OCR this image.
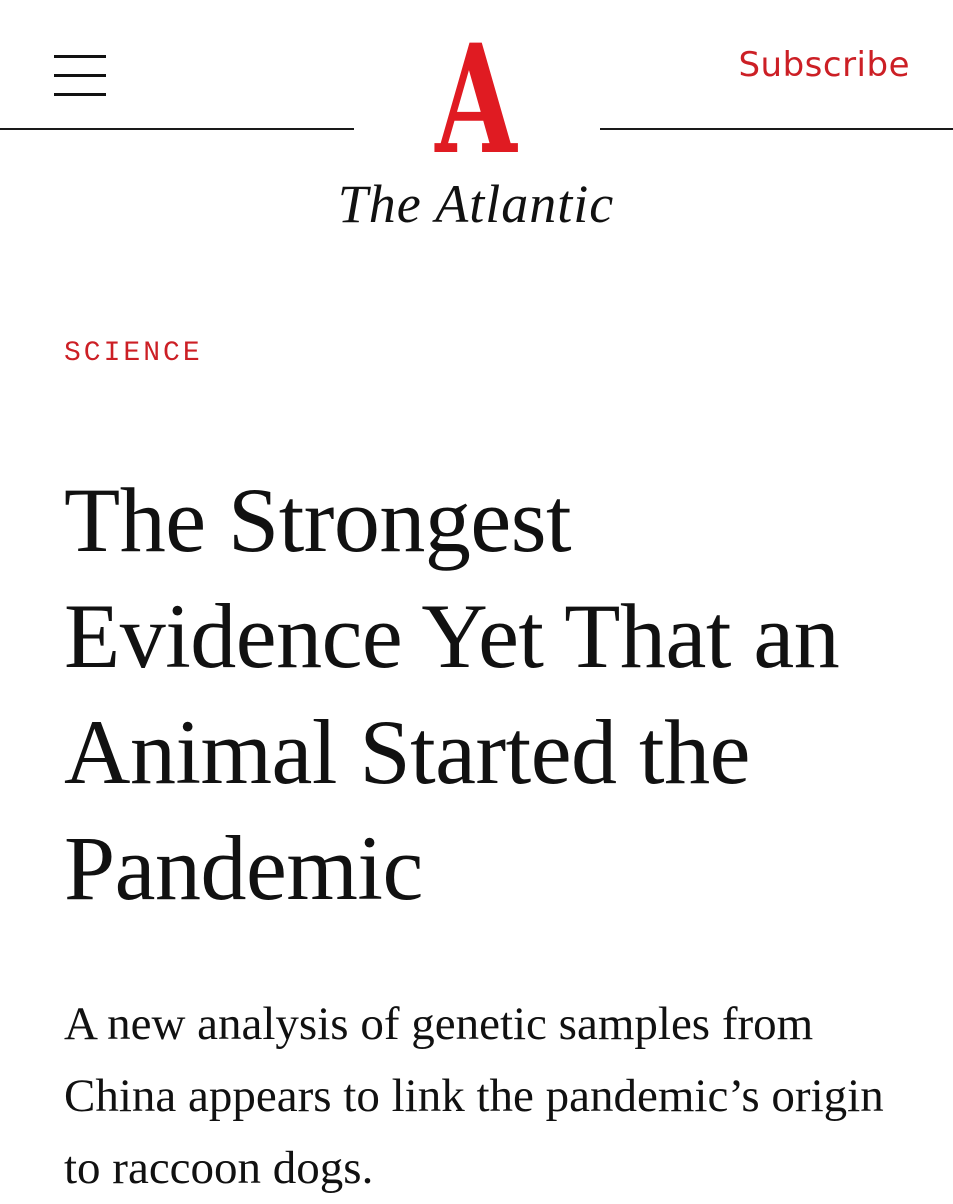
A
The Atlantic
Subscribe

SCIENCE

The Strongest Evidence Yet That an Animal Started the Pandemic

A new analysis of genetic samples from China appears to link the pandemic’s origin to raccoon dogs.
